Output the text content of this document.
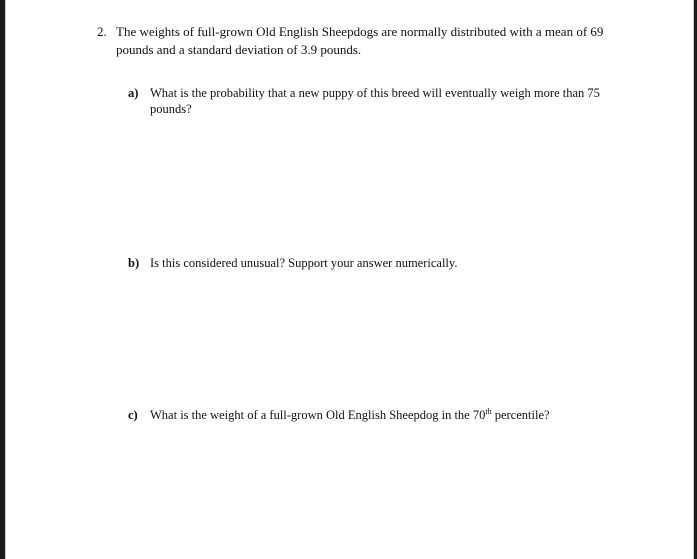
2. The weights of full-grown Old English Sheepdogs are normally distributed with a mean of 69 pounds and a standard deviation of 3.9 pounds.
a) What is the probability that a new puppy of this breed will eventually weigh more than 75 pounds?
b) Is this considered unusual? Support your answer numerically.
c) What is the weight of a full-grown Old English Sheepdog in the 70th percentile?
